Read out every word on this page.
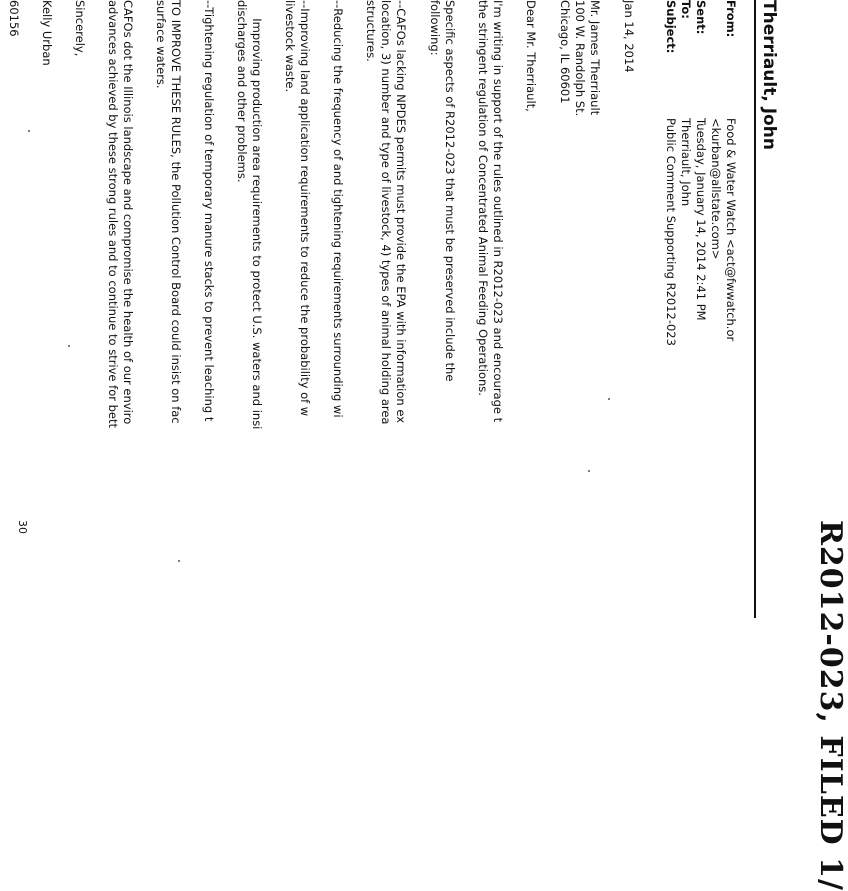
R2012-023, FILED 1/
Therriault, John
From:
Food & Water Watch <act@fwwatch.or
<kurban@allstate.com>
Sent:
Tuesday, January 14, 2014 2:41 PM
To:
Therriault, John
Subject:
Public Comment Supporting R2012-023
Jan 14, 2014
Mr. James Therriault
100 W. Randolph St.
Chicago, IL 60601
Dear Mr. Therriault,
I'm writing in support of the rules outlined in R2012-023 and encourage t
the stringent regulation of Concentrated Animal Feeding Operations.
Specific aspects of R2012-023 that must be preserved include the
following:
--CAFOs lacking NPDES permits must provide the EPA with information ex
location, 3) number and type of livestock, 4) types of animal holding area
structures.
--Reducing the frequency of and tightening requirements surrounding wi
--Improving land application requirements to reduce the probability of w
livestock waste.
Improving production area requirements to protect U.S. waters and insi
discharges and other problems.
--Tightening regulation of temporary manure stacks to prevent leaching t
TO IMPROVE THESE RULES, the Pollution Control Board could insist on fac
surface waters.
CAFOs dot the Illinois landscape and compromise the health of our enviro
advances achieved by these strong rules and to continue to strive for bett
Sincerely,
Kelly Urban
60156
30
